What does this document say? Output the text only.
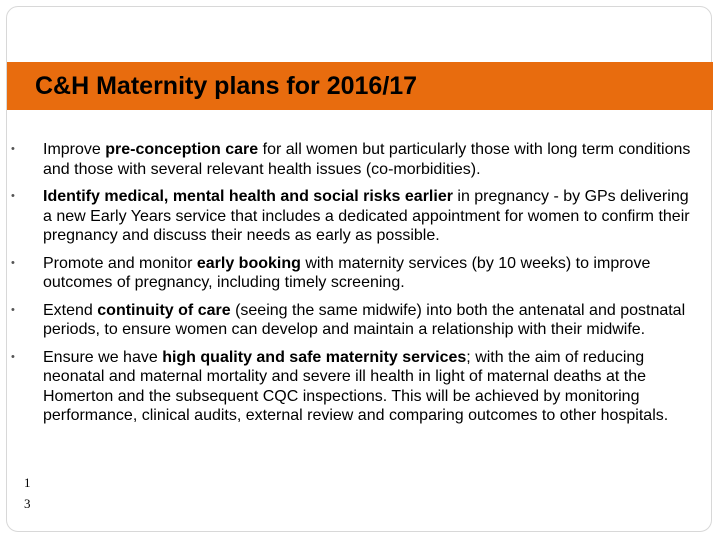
C&H Maternity plans for 2016/17
• Improve pre-conception care for all women but particularly those with long term conditions and those with several relevant health issues (co-morbidities).
• Identify medical, mental health and social risks earlier in pregnancy - by GPs delivering a new Early Years service that includes a dedicated appointment for women to confirm their pregnancy and discuss their needs as early as possible.
• Promote and monitor early booking with maternity services (by 10 weeks) to improve outcomes of pregnancy, including timely screening.
• Extend continuity of care (seeing the same midwife) into both the antenatal and postnatal periods, to ensure women can develop and maintain a relationship with their midwife.
• Ensure we have high quality and safe maternity services; with the aim of reducing neonatal and maternal mortality and severe ill health in light of maternal deaths at the Homerton and the subsequent CQC inspections. This will be achieved by monitoring performance, clinical audits, external review and comparing outcomes to other hospitals.
1
3
